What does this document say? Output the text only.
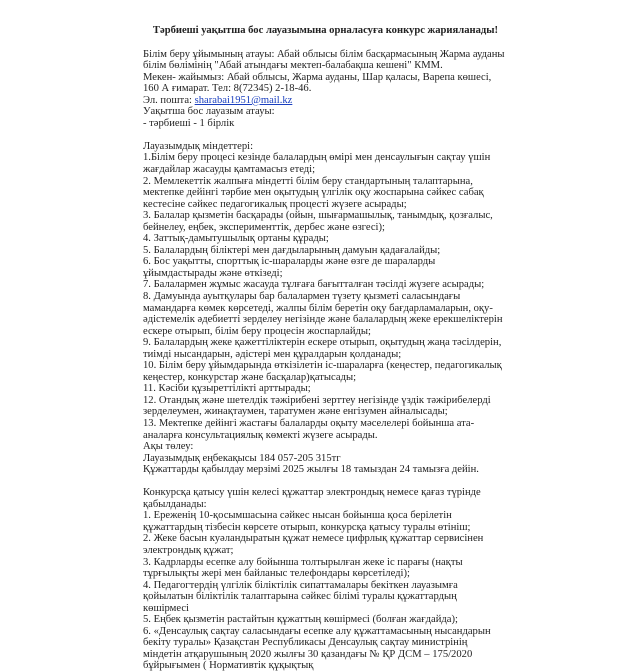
Тәрбиеші уақытша бос лауазымына орналасуға конкурс жарияланады!
Білім беру ұйымының атауы: Абай облысы білім басқармасының Жарма ауданы білім бөлімінің "Абай атындағы мектеп-балабақша кешені" КММ.
Мекен- жайымыз: Абай облысы, Жарма ауданы, Шар қаласы, Варепа көшесі, 160 А ғимарат. Тел: 8(72345) 2-18-46.
Эл. пошта: sharabai1951@mail.kz
Уақытша бос лауазым атауы:
- тәрбиеші - 1 бірлік
Лауазымдық міндеттері:
1.Білім беру процесі кезінде балалардың өмірі мен денсаулығын сақтау үшін жағдайлар жасауды қамтамасыз етеді;
2. Мемлекеттік жалпыға міндетті білім беру стандартының талаптарына, мектепке дейінгі тәрбие мен оқытудың үлгілік оқу жоспарына сәйкес сабақ кестесіне сәйкес педагогикалық процесті жүзеге асырады;
3. Балалар қызметін басқарады (ойын, шығармашылық, танымдық, қозғалыс, бейнелеу, еңбек, эксперименттік, дербес және өзгесі);
4. Заттық-дамытушылық ортаны құрады;
5. Балалардың біліктері мен дағдыларының дамуын қадағалайды;
6. Бос уақытты, спорттық іс-шараларды және өзге де шараларды ұйымдастырады және өткізеді;
7. Балалармен жұмыс жасауда тұлғаға бағытталған тәсілді жүзеге асырады;
8. Дамуында ауытқулары бар балалармен түзету қызметі саласындағы мамандарға көмек көрсетеді, жалпы білім беретін оқу бағдарламаларын, оқу-әдістемелік әдебиетті зерделеу негізінде және балалардың жеке ерекшеліктерін ескере отырып, білім беру процесін жоспарлайды;
9. Балалардың жеке қажеттіліктерін ескере отырып, оқытудың жаңа тәсілдерін, тиімді нысандарын, әдістері мен құралдарын қолданады;
10. Білім беру ұйымдарында өткізілетін іс-шараларға (кеңестер, педагогикалық кеңестер, конкурстар және басқалар)қатысады;
11. Кәсіби құзыреттілікті арттырады;
12. Отандық және шетелдік тәжірибені зерттеу негізінде үздік тәжірибелерді зерделеумен, жинақтаумен, таратумен және енгізумен айналысады;
13. Мектепке дейінгі жастағы балаларды оқыту мәселелері бойынша ата-аналарға консультациялық көмекті жүзеге асырады.
Ақы төлеу:
Лауазымдық еңбекақысы 184 057-205 315тг
Құжаттарды қабылдау мерзімі 2025 жылғы 18 тамыздан 24 тамызға дейін.
Конкурсқа қатысу үшін келесі құжаттар электрондық немесе қағаз түрінде қабылданады:
1. Ереженің 10-қосымшасына сәйкес нысан бойынша қоса берілетін құжаттардың тізбесін көрсете отырып, конкурсқа қатысу туралы өтініш;
2. Жеке басын куәландыратын құжат немесе цифрлық құжаттар сервисінен электрондық құжат;
3. Кадрларды есепке алу бойынша толтырылған жеке іс парағы (нақты тұрғылықты жері мен байланыс телефондары көрсетіледі);
4. Педагогтердің үлгілік біліктілік сипаттамалары бекіткен лауазымға қойылатын біліктілік талаптарына сәйкес білімі туралы құжаттардың көшірмесі
5. Еңбек қызметін растайтын құжаттың көшірмесі (болған жағдайда);
6. «Денсаулық сақтау саласындағы есепке алу құжаттамасының нысандарын бекіту туралы» Қазақстан Республикасы Денсаулық сақтау министрінің міндетін атқарушының 2020 жылғы 30 қазандағы № ҚР ДСМ – 175/2020 бұйрығымен ( Нормативтік құқықтық
